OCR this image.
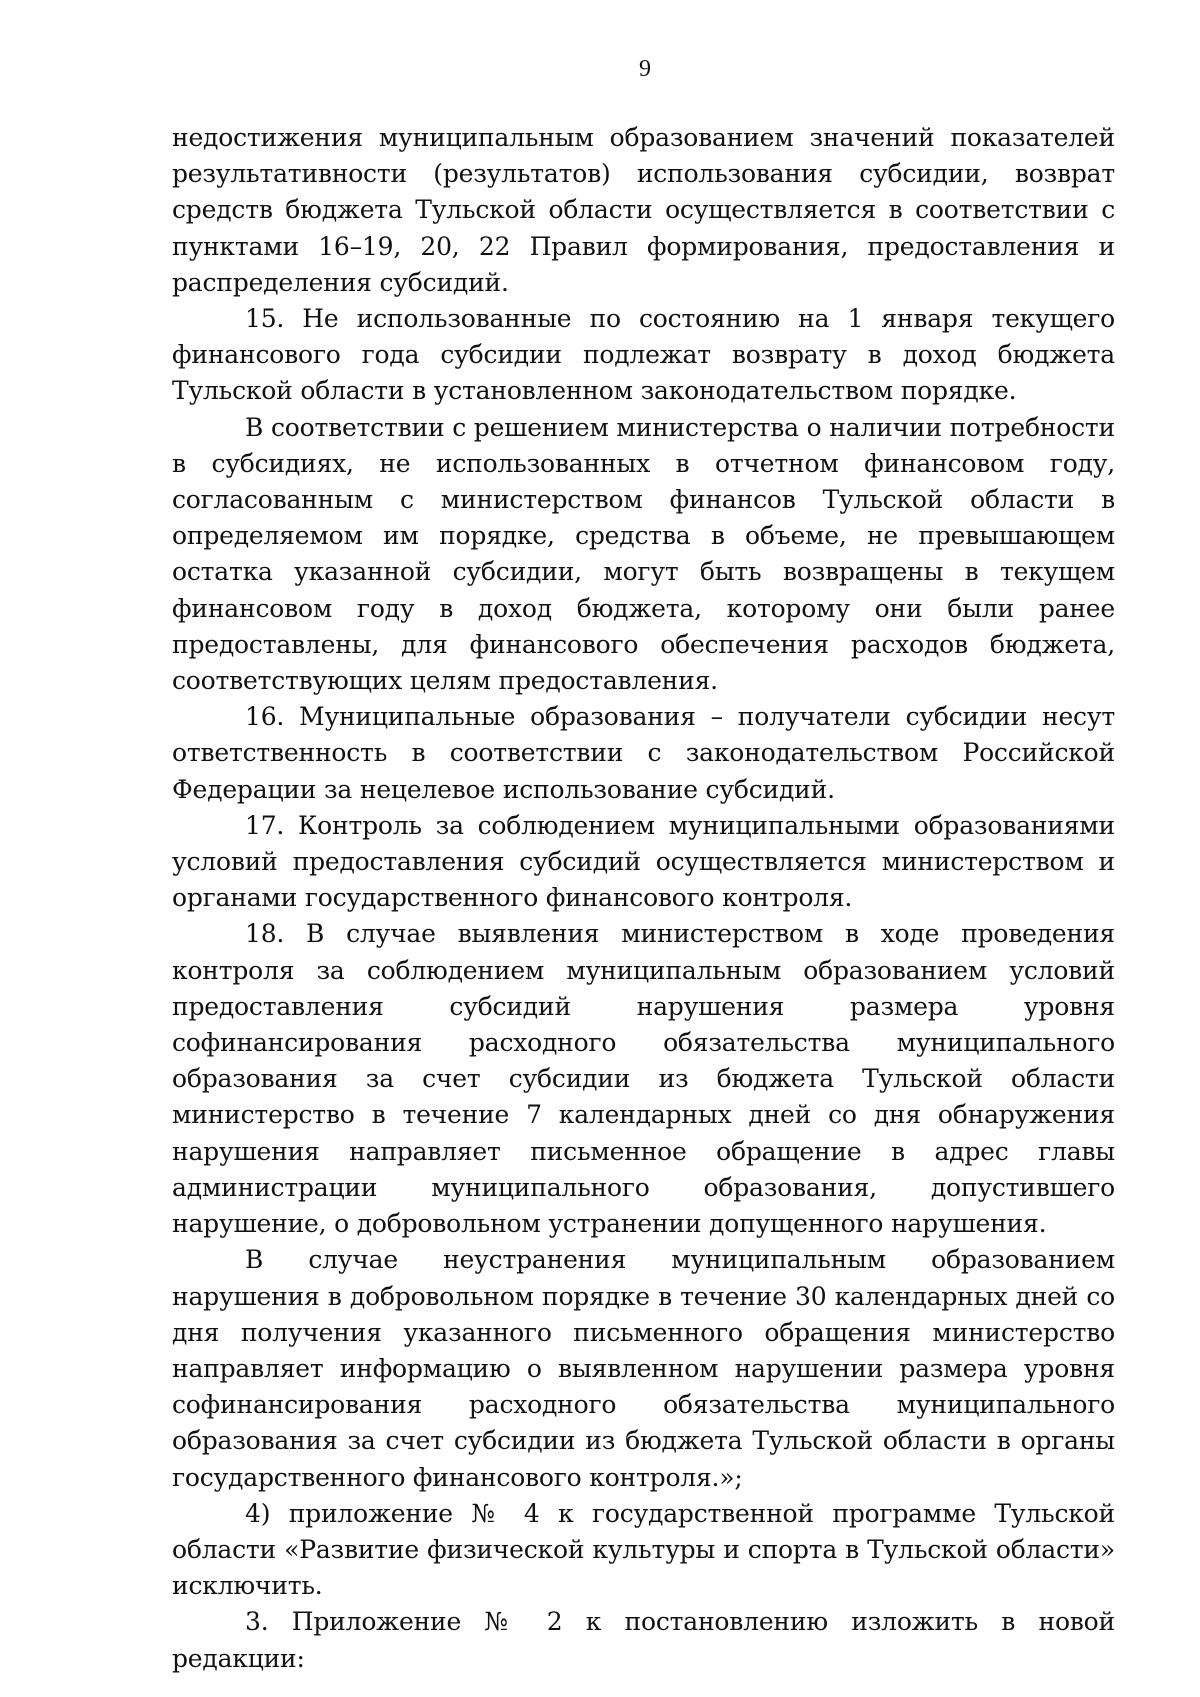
9

недостижения муниципальным образованием значений показателей результативности (результатов) использования субсидии, возврат средств бюджета Тульской области осуществляется в соответствии с пунктами 16–19, 20, 22 Правил формирования, предоставления и распределения субсидий.

15. Не использованные по состоянию на 1 января текущего финансового года субсидии подлежат возврату в доход бюджета Тульской области в установленном законодательством порядке.

В соответствии с решением министерства о наличии потребности в субсидиях, не использованных в отчетном финансовом году, согласованным с министерством финансов Тульской области в определяемом им порядке, средства в объеме, не превышающем остатка указанной субсидии, могут быть возвращены в текущем финансовом году в доход бюджета, которому они были ранее предоставлены, для финансового обеспечения расходов бюджета, соответствующих целям предоставления.

16. Муниципальные образования – получатели субсидии несут ответственность в соответствии с законодательством Российской Федерации за нецелевое использование субсидий.

17. Контроль за соблюдением муниципальными образованиями условий предоставления субсидий осуществляется министерством и органами государственного финансового контроля.

18. В случае выявления министерством в ходе проведения контроля за соблюдением муниципальным образованием условий предоставления субсидий нарушения размера уровня софинансирования расходного обязательства муниципального образования за счет субсидии из бюджета Тульской области министерство в течение 7 календарных дней со дня обнаружения нарушения направляет письменное обращение в адрес главы администрации муниципального образования, допустившего нарушение, о добровольном устранении допущенного нарушения.

В случае неустранения муниципальным образованием нарушения в добровольном порядке в течение 30 календарных дней со дня получения указанного письменного обращения министерство направляет информацию о выявленном нарушении размера уровня софинансирования расходного обязательства муниципального образования за счет субсидии из бюджета Тульской области в органы государственного финансового контроля.»;

4) приложение № 4 к государственной программе Тульской области «Развитие физической культуры и спорта в Тульской области» исключить.

3. Приложение № 2 к постановлению изложить в новой редакции:
